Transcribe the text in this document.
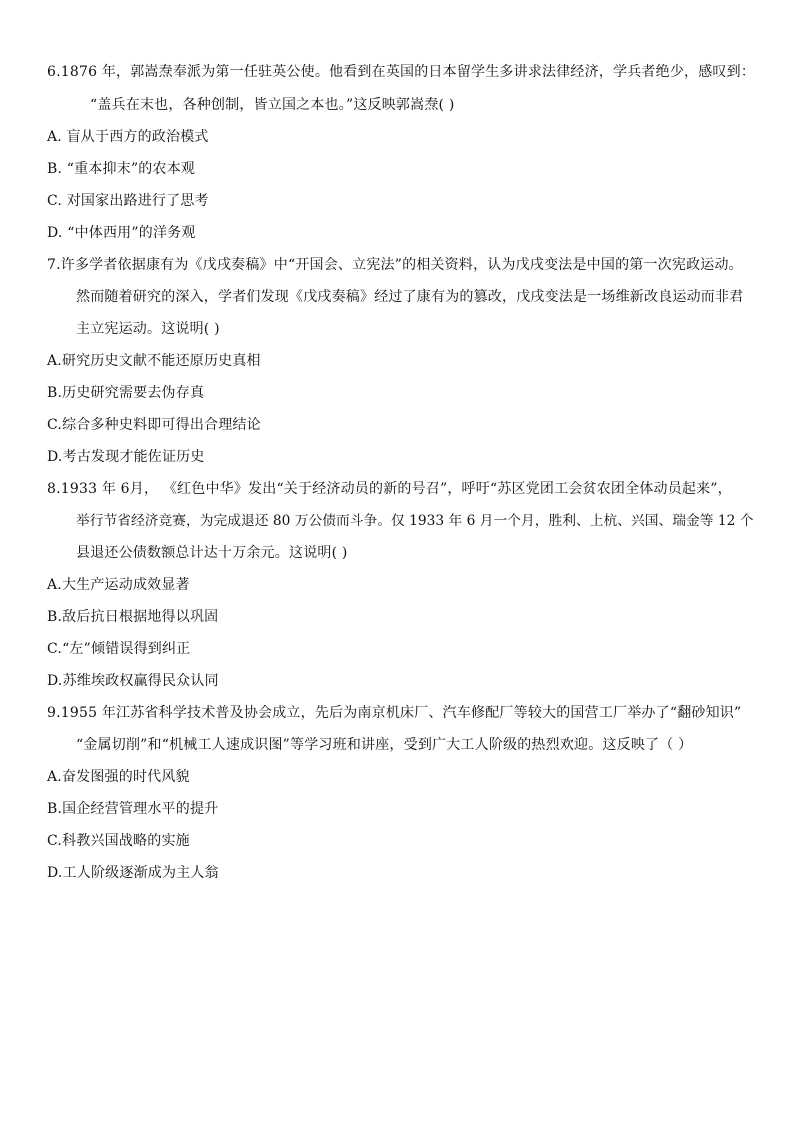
6.1876 年，郭嵩焘奉派为第一任驻英公使。他看到在英国的日本留学生多讲求法律经济，学兵者绝少，感叹到：
“盖兵在末也，各种创制，皆立国之本也。”这反映郭嵩焘( )
A. 盲从于西方的政治模式
B. “重本抑末”的农本观
C. 对国家出路进行了思考
D. “中体西用”的洋务观
7.许多学者依据康有为《戊戌奏稿》中“开国会、立宪法”的相关资料，认为戊戌变法是中国的第一次宪政运动。
然而随着研究的深入，学者们发现《戊戌奏稿》经过了康有为的篡改，戊戌变法是一场维新改良运动而非君
主立宪运动。这说明( )
A.研究历史文献不能还原历史真相
B.历史研究需要去伪存真
C.综合多种史料即可得出合理结论
D.考古发现才能佐证历史
8.1933 年 6月， 《红色中华》发出“关于经济动员的新的号召”，呼吁“苏区党团工会贫农团全体动员起来”，
举行节省经济竞赛，为完成退还 80 万公债而斗争。仅 1933 年 6 月一个月，胜利、上杭、兴国、瑞金等 12 个
县退还公债数额总计达十万余元。这说明( )
A.大生产运动成效显著
B.敌后抗日根据地得以巩固
C.“左”倾错误得到纠正
D.苏维埃政权赢得民众认同
9.1955 年江苏省科学技术普及协会成立，先后为南京机床厂、汽车修配厂等较大的国营工厂举办了“翻砂知识”
“金属切削”和“机械工人速成识图”等学习班和讲座，受到广大工人阶级的热烈欢迎。这反映了（ ）
A.奋发图强的时代风貌
B.国企经营管理水平的提升
C.科教兴国战略的实施
D.工人阶级逐渐成为主人翁
